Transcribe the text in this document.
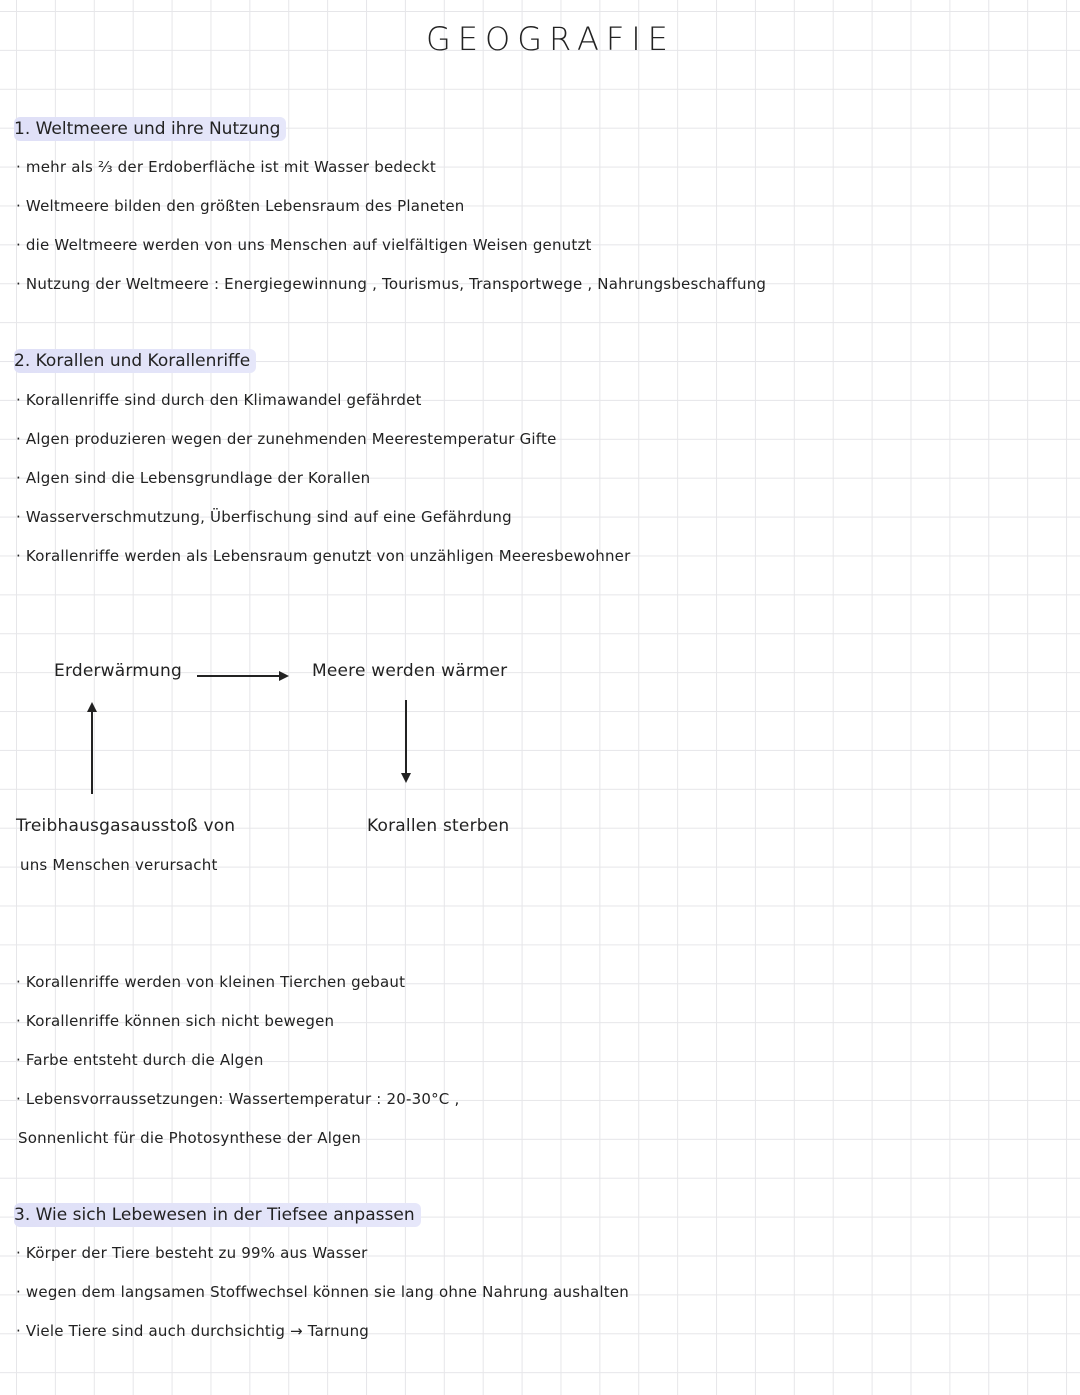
GEOGRAFIE
1. Weltmeere und ihre Nutzung
· mehr als ⅔ der Erdoberfläche ist mit Wasser bedeckt
· Weltmeere bilden den größten Lebensraum des Planeten
· die Weltmeere werden von uns Menschen auf vielfältigen Weisen genutzt
· Nutzung der Weltmeere : Energiegewinnung , Tourismus, Transportwege , Nahrungsbeschaffung
2. Korallen und Korallenriffe
· Korallenriffe sind durch den Klimawandel gefährdet
· Algen produzieren wegen der zunehmenden Meerestemperatur Gifte
· Algen sind die Lebensgrundlage der Korallen
· Wasserverschmutzung, Überfischung sind auf eine Gefährdung
· Korallenriffe werden als Lebensraum genutzt von unzähligen Meeresbewohner
Erderwärmung	Meere werden wärmer
Korallen sterben
Treibhausgasausstoß von
uns Menschen verursacht
· Korallenriffe werden von kleinen Tierchen gebaut
· Korallenriffe können sich nicht bewegen
· Farbe entsteht durch die Algen
· Lebensvorraussetzungen: Wassertemperatur : 20-30°C ,
Sonnenlicht für die Photosynthese der Algen
3. Wie sich Lebewesen in der Tiefsee anpassen
· Körper der Tiere besteht zu 99% aus Wasser
· wegen dem langsamen Stoffwechsel können sie lang ohne Nahrung aushalten
· Viele Tiere sind auch durchsichtig → Tarnung
